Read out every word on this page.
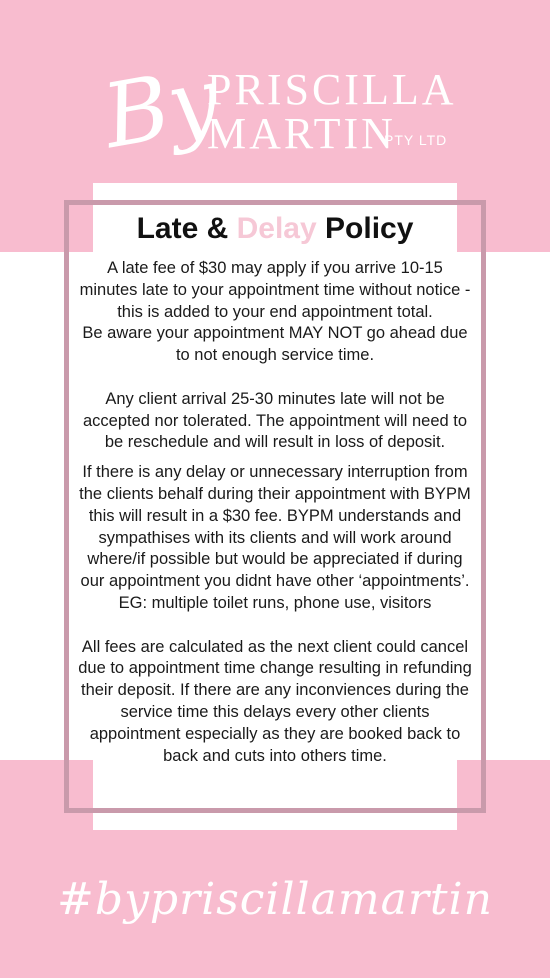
By
PRISCILLA
MARTIN
PTY LTD
Late & Delay Policy

A late fee of $30 may apply if you arrive 10-15 minutes late to your appointment time without notice - this is added to your end appointment total.

Be aware your appointment MAY NOT go ahead due to not enough service time.

Any client arrival 25-30 minutes late will not be accepted nor tolerated. The appointment will need to be reschedule and will result in loss of deposit.

If there is any delay or unnecessary interruption from the clients behalf during their appointment with BYPM this will result in a $30 fee. BYPM understands and sympathises with its clients and will work around where/if possible but would be appreciated if during our appointment you didnt have other ‘appointments’.

EG: multiple toilet runs, phone use, visitors

All fees are calculated as the next client could cancel due to appointment time change resulting in refunding their deposit. If there are any inconviences during the service time this delays every other clients appointment especially as they are booked back to back and cuts into others time.

#bypriscillamartin
